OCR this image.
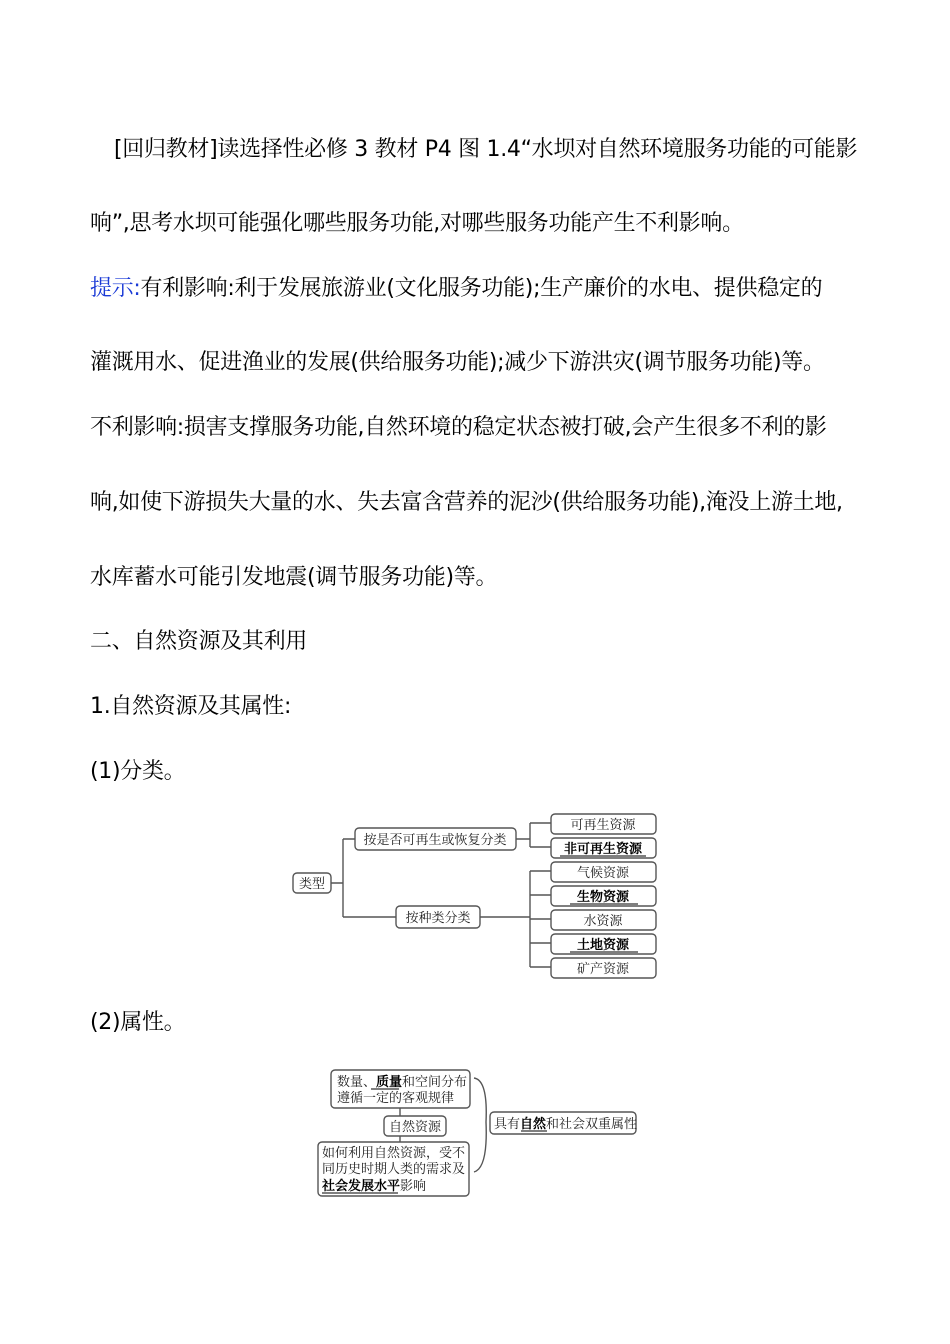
[回归教材]读选择性必修 3 教材 P4 图 1.4“水坝对自然环境服务功能的可能影
响”,思考水坝可能强化哪些服务功能,对哪些服务功能产生不利影响。
提示:有利影响:利于发展旅游业(文化服务功能);生产廉价的水电、提供稳定的
灌溉用水、促进渔业的发展(供给服务功能);减少下游洪灾(调节服务功能)等。
不利影响:损害支撑服务功能,自然环境的稳定状态被打破,会产生很多不利的影
响,如使下游损失大量的水、失去富含营养的泥沙(供给服务功能),淹没上游土地,
水库蓄水可能引发地震(调节服务功能)等。
二、自然资源及其利用
1.自然资源及其属性:
(1)分类。
类型
按是否可再生或恢复分类
可再生资源
非可再生资源
按种类分类
气候资源
生物资源
水资源
土地资源
矿产资源
(2)属性。
数量、质量和空间分布
遵循一定的客观规律
自然资源
如何利用自然资源，受不
同历史时期人类的需求及
社会发展水平影响
具有自然和社会双重属性
